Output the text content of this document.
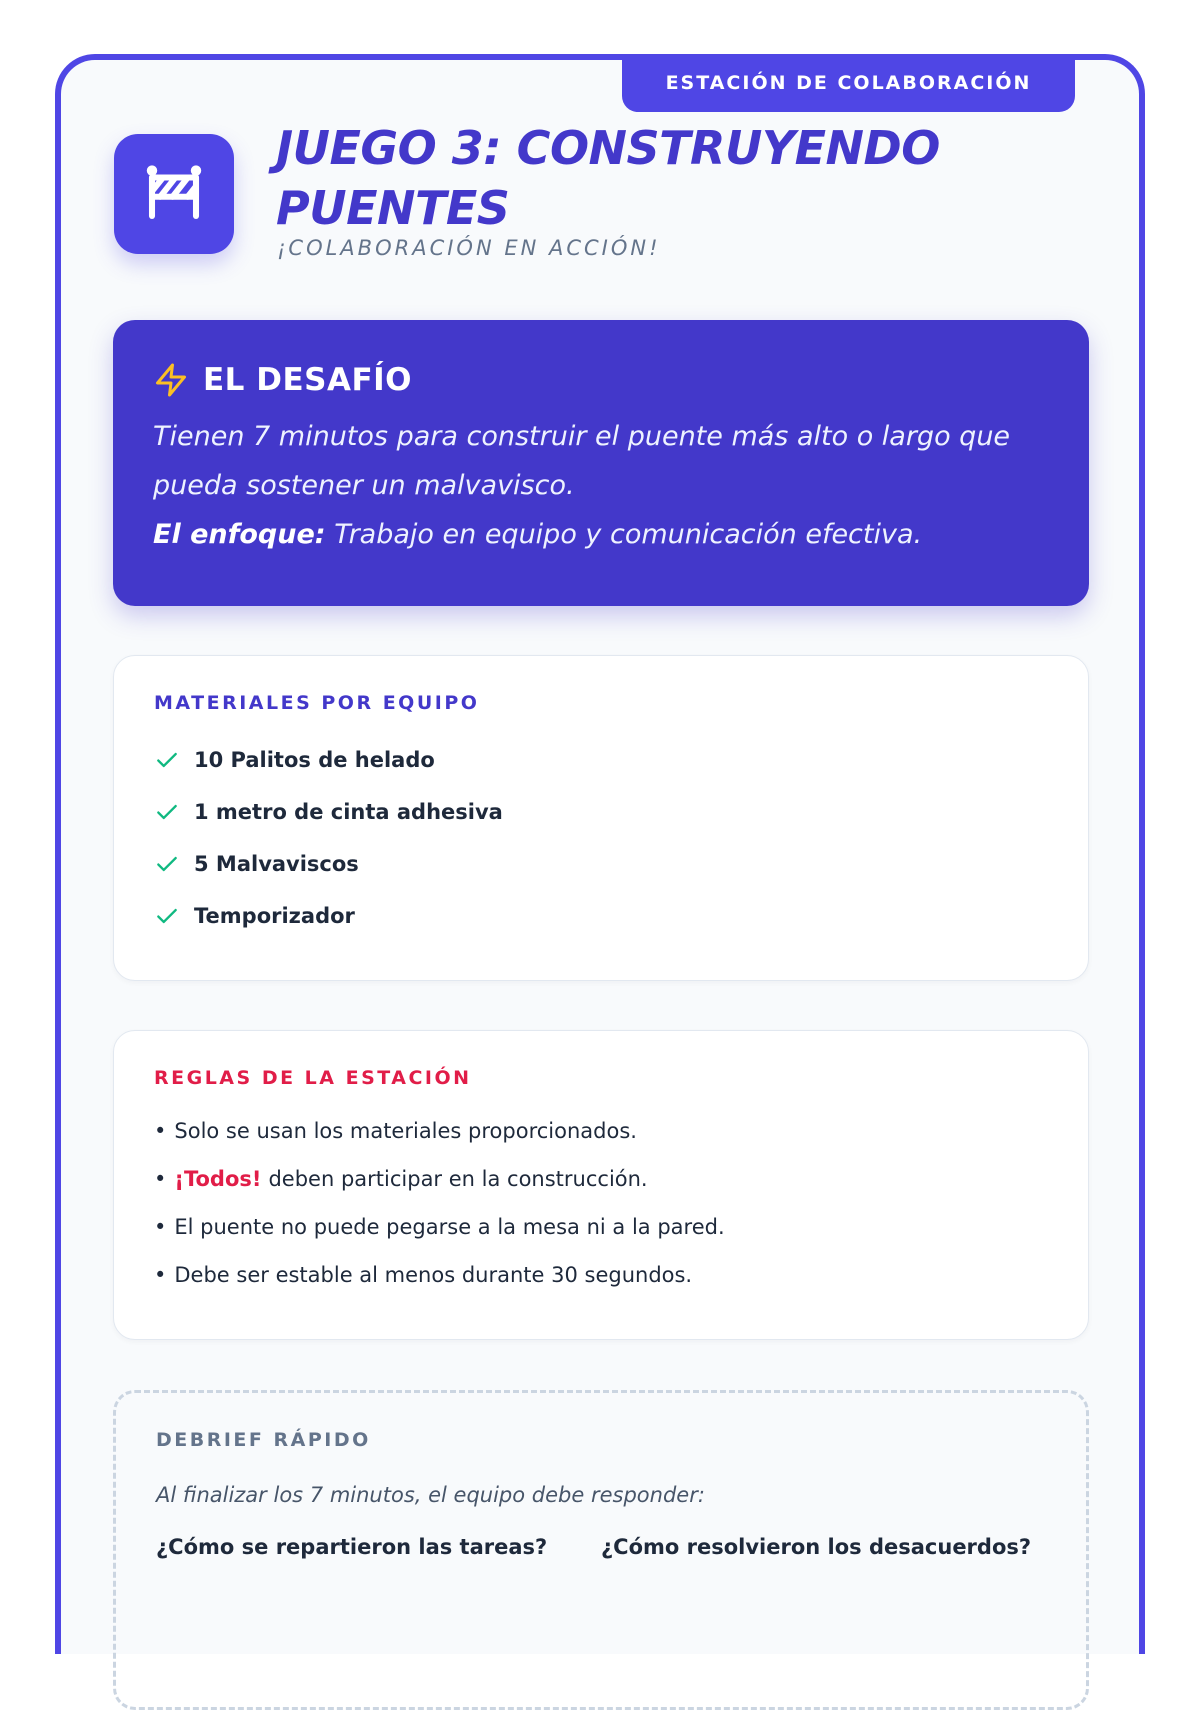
ESTACIÓN DE COLABORACIÓN
JUEGO 3: CONSTRUYENDO
PUENTES
¡COLABORACIÓN EN ACCIÓN!
EL DESAFÍO
Tienen 7 minutos para construir el puente más alto o largo que
pueda sostener un malvavisco.
El enfoque: Trabajo en equipo y comunicación efectiva.
MATERIALES POR EQUIPO
10 Palitos de helado
1 metro de cinta adhesiva
5 Malvaviscos
Temporizador
REGLAS DE LA ESTACIÓN
• Solo se usan los materiales proporcionados.
• ¡Todos! deben participar en la construcción.
• El puente no puede pegarse a la mesa ni a la pared.
• Debe ser estable al menos durante 30 segundos.
DEBRIEF RÁPIDO
Al finalizar los 7 minutos, el equipo debe responder:
¿Cómo se repartieron las tareas?	¿Cómo resolvieron los desacuerdos?
